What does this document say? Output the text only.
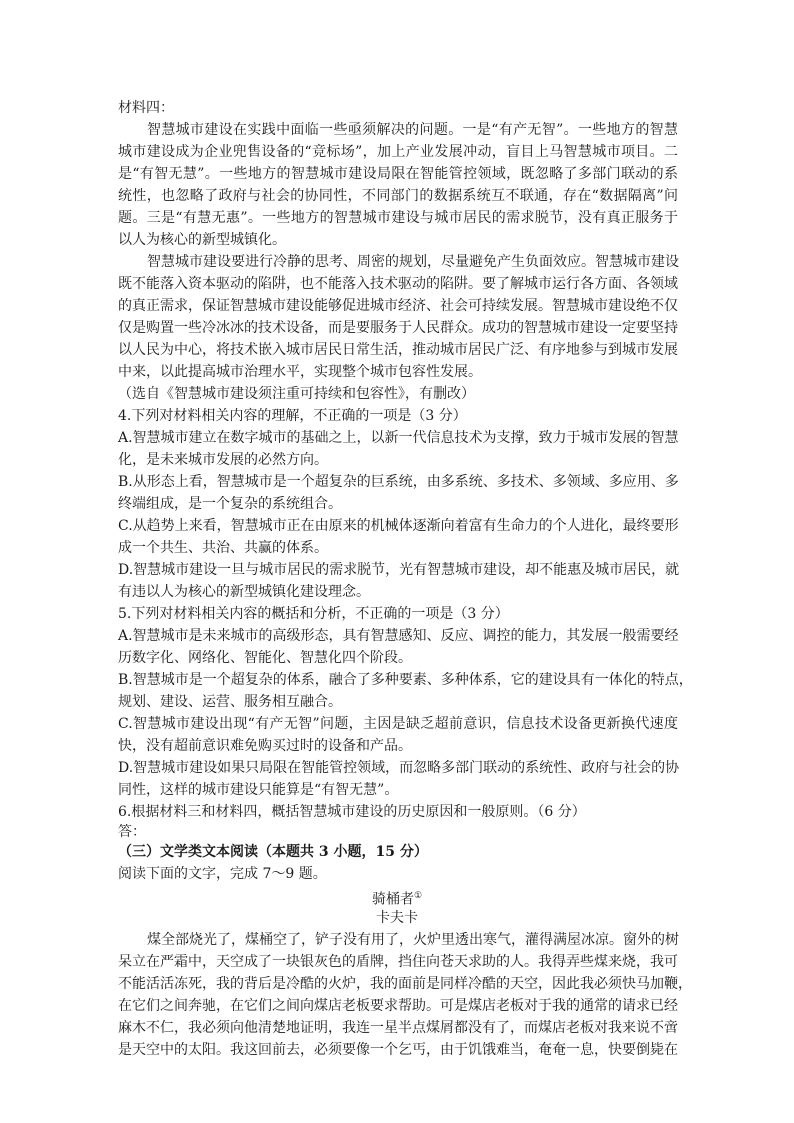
材料四：
智慧城市建设在实践中面临一些亟须解决的问题。一是“有产无智”。一些地方的智慧
城市建设成为企业兜售设备的“竞标场”，加上产业发展冲动，盲目上马智慧城市项目。二
是“有智无慧”。一些地方的智慧城市建设局限在智能管控领域，既忽略了多部门联动的系
统性，也忽略了政府与社会的协同性，不同部门的数据系统互不联通，存在“数据隔离”问
题。三是“有慧无惠”。一些地方的智慧城市建设与城市居民的需求脱节，没有真正服务于
以人为核心的新型城镇化。
智慧城市建设要进行冷静的思考、周密的规划，尽量避免产生负面效应。智慧城市建设
既不能落入资本驱动的陷阱，也不能落入技术驱动的陷阱。要了解城市运行各方面、各领域
的真正需求，保证智慧城市建设能够促进城市经济、社会可持续发展。智慧城市建设绝不仅
仅是购置一些冷冰冰的技术设备，而是要服务于人民群众。成功的智慧城市建设一定要坚持
以人民为中心，将技术嵌入城市居民日常生活，推动城市居民广泛、有序地参与到城市发展
中来，以此提高城市治理水平，实现整个城市包容性发展。
（选自《智慧城市建设须注重可持续和包容性》，有删改）
4.下列对材料相关内容的理解，不正确的一项是（3 分）
A.智慧城市建立在数字城市的基础之上，以新一代信息技术为支撑，致力于城市发展的智慧
化，是未来城市发展的必然方向。
B.从形态上看，智慧城市是一个超复杂的巨系统，由多系统、多技术、多领域、多应用、多
终端组成，是一个复杂的系统组合。
C.从趋势上来看，智慧城市正在由原来的机械体逐渐向着富有生命力的个人进化，最终要形
成一个共生、共治、共赢的体系。
D.智慧城市建设一旦与城市居民的需求脱节，光有智慧城市建设，却不能惠及城市居民，就
有违以人为核心的新型城镇化建设理念。
5.下列对材料相关内容的概括和分析，不正确的一项是（3 分）
A.智慧城市是未来城市的高级形态，具有智慧感知、反应、调控的能力，其发展一般需要经
历数字化、网络化、智能化、智慧化四个阶段。
B.智慧城市是一个超复杂的体系，融合了多种要素、多种体系，它的建设具有一体化的特点，
规划、建设、运营、服务相互融合。
C.智慧城市建设出现“有产无智”问题，主因是缺乏超前意识，信息技术设备更新换代速度
快，没有超前意识难免购买过时的设备和产品。
D.智慧城市建设如果只局限在智能管控领域，而忽略多部门联动的系统性、政府与社会的协
同性，这样的城市建设只能算是“有智无慧”。
6.根据材料三和材料四，概括智慧城市建设的历史原因和一般原则。（6 分）
答：
（三）文学类文本阅读（本题共 3 小题，15 分）
阅读下面的文字，完成 7～9 题。
骑桶者①
卡夫卡
煤全部烧光了，煤桶空了，铲子没有用了，火炉里透出寒气，灌得满屋冰凉。窗外的树
呆立在严霜中，天空成了一块银灰色的盾牌，挡住向苍天求助的人。我得弄些煤来烧，我可
不能活活冻死，我的背后是冷酷的火炉，我的面前是同样冷酷的天空，因此我必须快马加鞭，
在它们之间奔驰，在它们之间向煤店老板要求帮助。可是煤店老板对于我的通常的请求已经
麻木不仁，我必须向他清楚地证明，我连一星半点煤屑都没有了，而煤店老板对我来说不啻
是天空中的太阳。我这回前去，必须要像一个乞丐，由于饥饿难当，奄奄一息，快要倒毙在
